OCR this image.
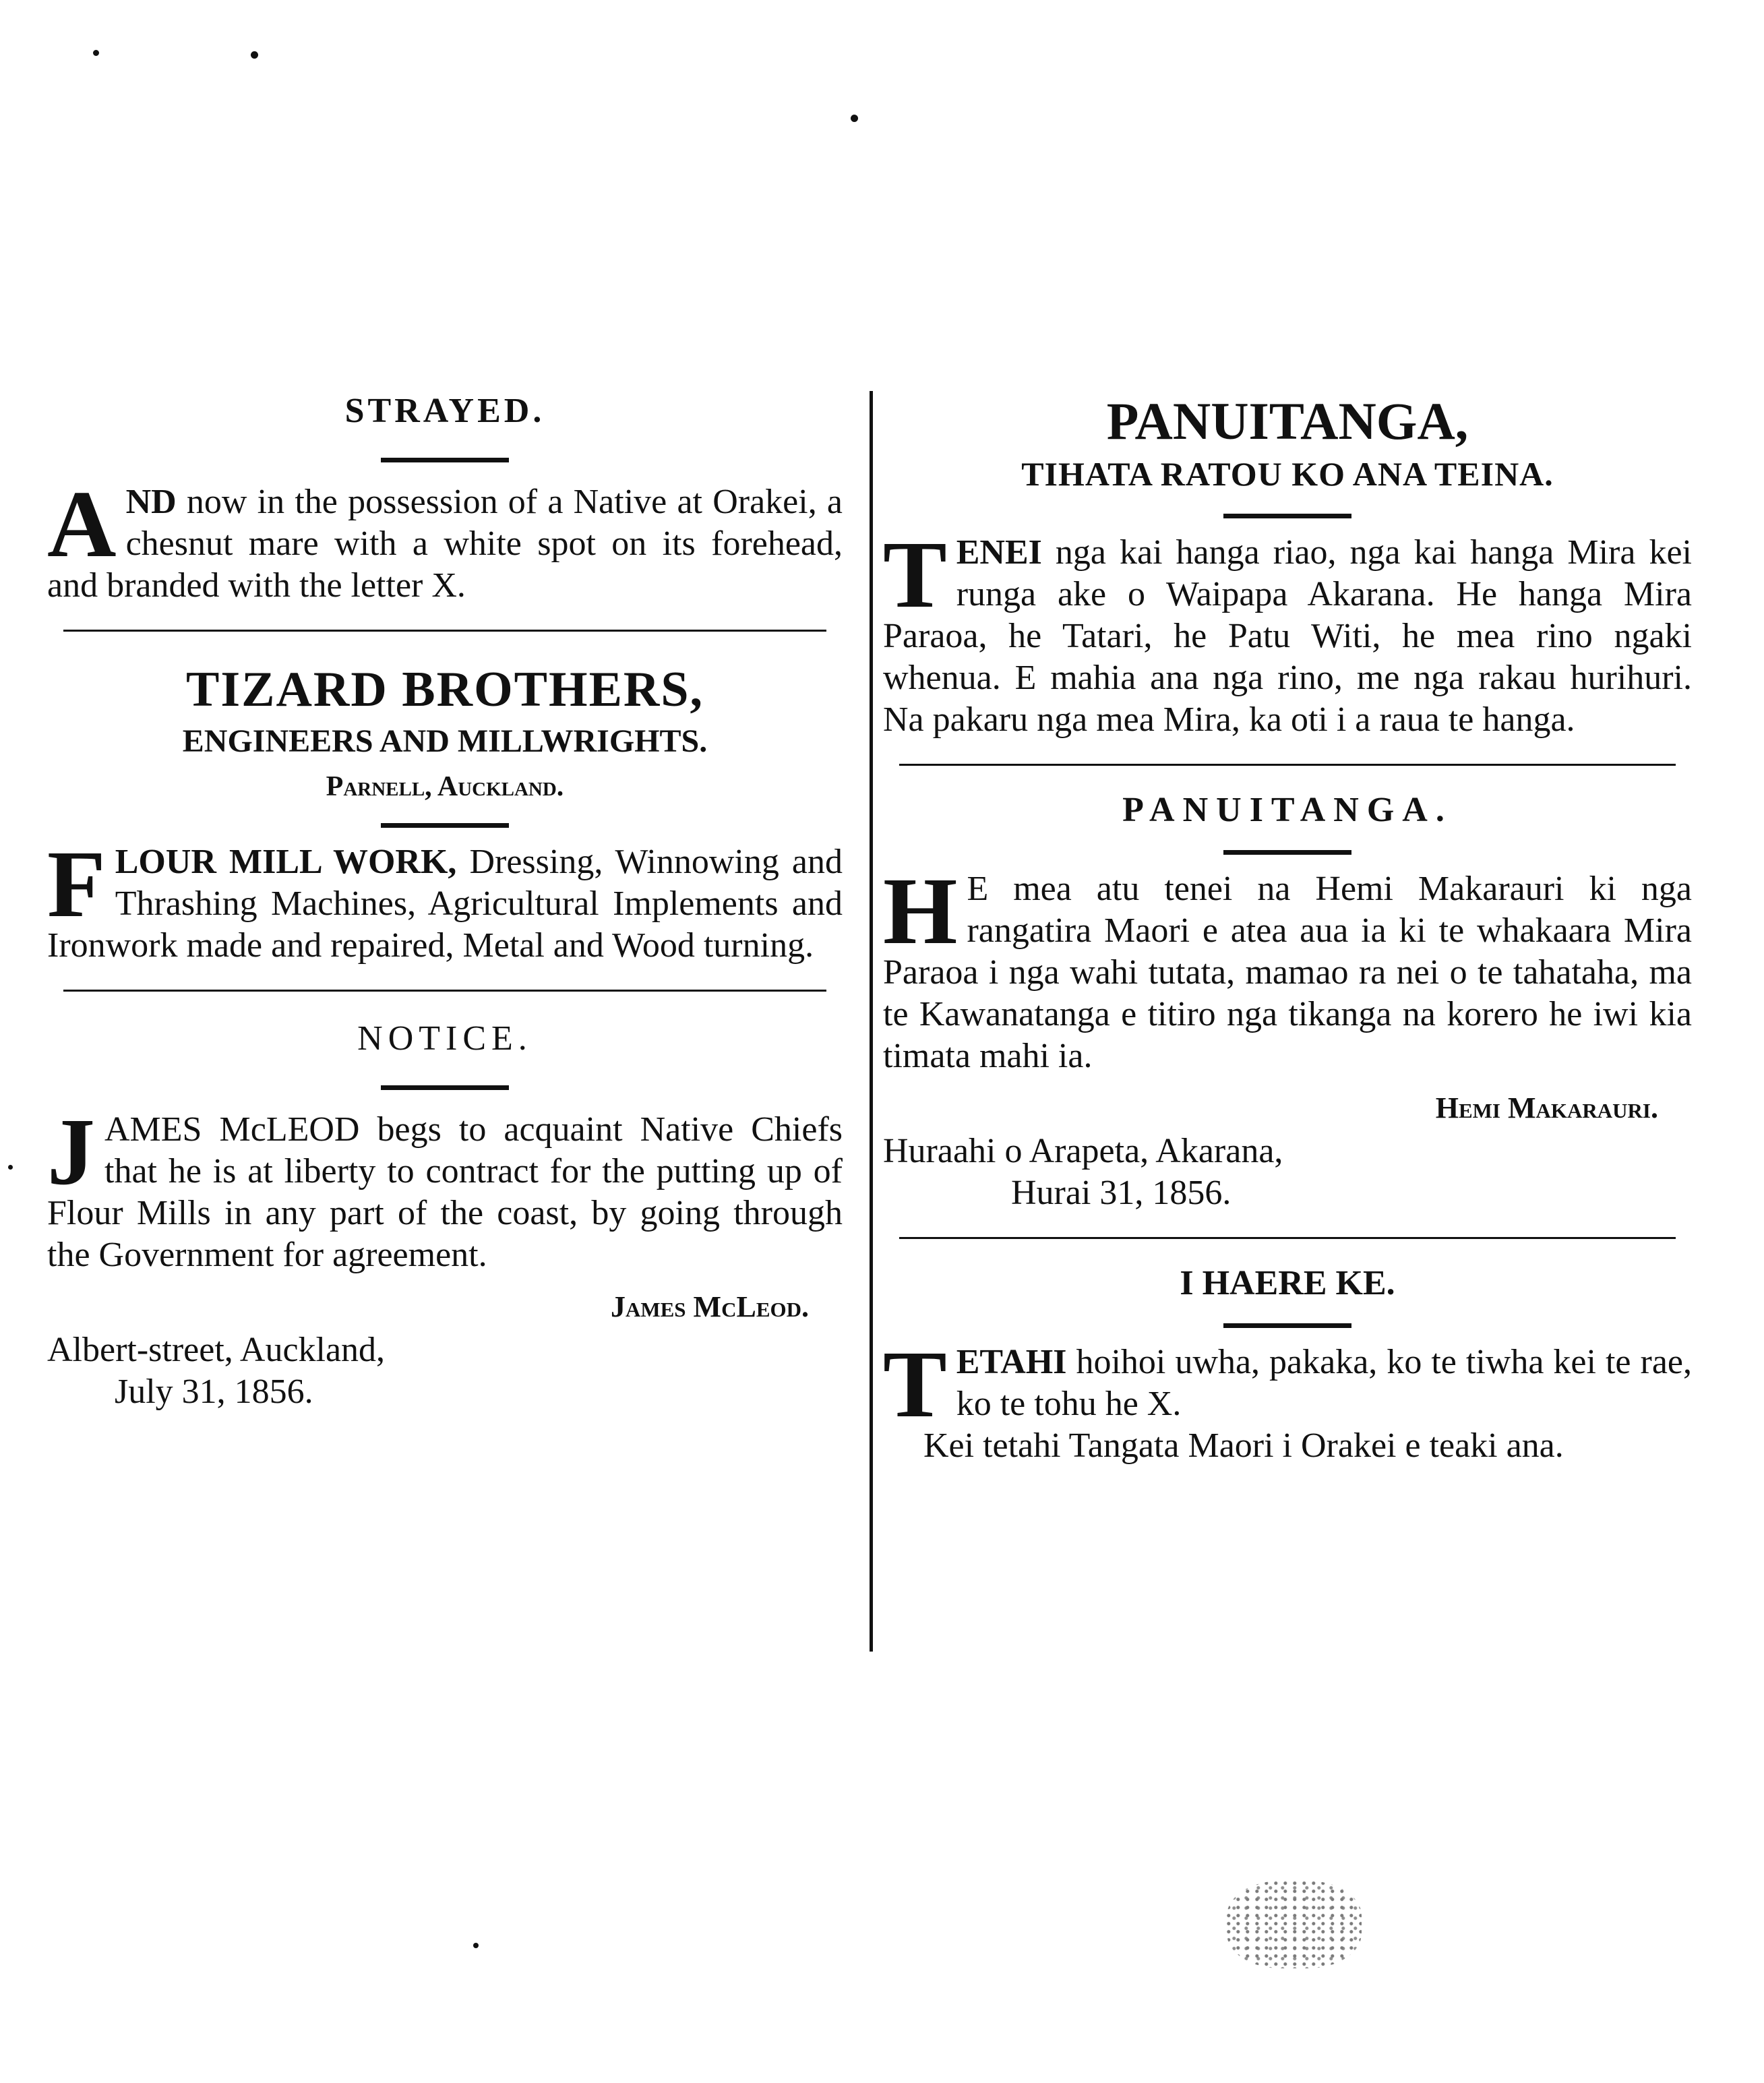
STRAYED.

AND now in the possession of a Native at Orakei, a chesnut mare with a white spot on its forehead, and branded with the letter X.

TIZARD BROTHERS,
ENGINEERS AND MILLWRIGHTS.
Parnell, Auckland.

FLOUR MILL WORK, Dressing, Winnowing and Thrashing Machines, Agricultural Implements and Ironwork made and repaired, Metal and Wood turning.

NOTICE.

JAMES McLEOD begs to acquaint Native Chiefs that he is at liberty to contract for the putting up of Flour Mills in any part of the coast, by going through the Government for agreement.

James McLeod.
Albert-street, Auckland,
July 31, 1856.
PANUITANGA,
TIHATA RATOU KO ANA TEINA.

TENEI nga kai hanga riao, nga kai hanga Mira kei runga ake o Waipapa Akarana. He hanga Mira Paraoa, he Tatari, he Patu Witi, he mea rino ngaki whenua. E mahia ana nga rino, me nga rakau hurihuri. Na pakaru nga mea Mira, ka oti i a raua te hanga.

PANUITANGA.

H E mea atu tenei na Hemi Makarauri ki nga rangatira Maori e atea aua ia ki te whakaara Mira Paraoa i nga wahi tutata, mamao ra nei o te tahataha, ma te Kawanatanga e titiro nga tikanga na korero he iwi kia timata mahi ia.

Hemi Makarauri.
Huraahi o Arapeta, Akarana,
Hurai 31, 1856.
I HAERE KE.

TETAHI hoihoi uwha, pakaka, ko te tiwha kei te rae, ko te tohu he X.

Kei tetahi Tangata Maori i Orakei e teaki ana.
